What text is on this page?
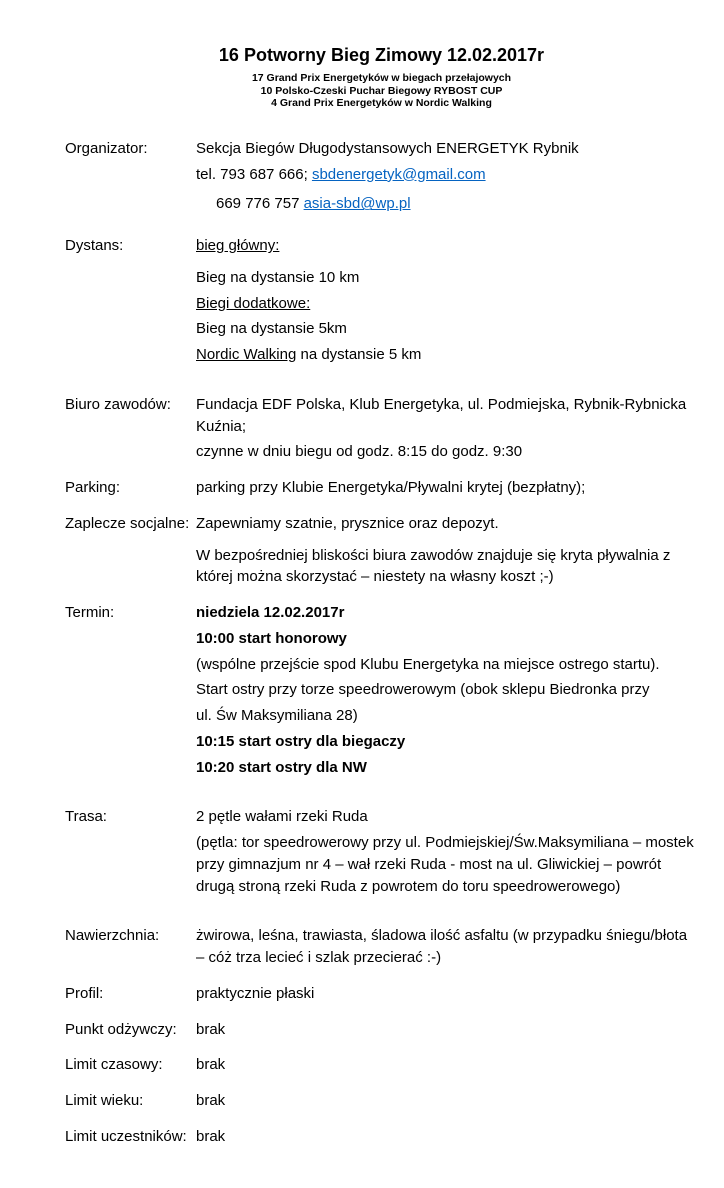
16 Potworny Bieg Zimowy 12.02.2017r
17 Grand Prix Energetyków w biegach przełajowych
10 Polsko-Czeski Puchar Biegowy RYBOST CUP
4 Grand Prix Energetyków w Nordic Walking
Organizator:	Sekcja Biegów Długodystansowych ENERGETYK Rybnik

tel. 793 687 666; sbdenergetyk@gmail.com

669 776 757 asia-sbd@wp.pl

Dystans:	bieg główny:

Bieg na dystansie 10 km

Biegi dodatkowe:

Bieg na dystansie 5km

Nordic Walking na dystansie 5 km

Biuro zawodów:	Fundacja EDF Polska, Klub Energetyka, ul. Podmiejska, Rybnik-Rybnicka Kuźnia;

czynne w dniu biegu od godz. 8:15 do godz. 9:30

Parking:	parking przy Klubie Energetyka/Pływalni krytej (bezpłatny);

Zaplecze socjalne: Zapewniamy szatnie, prysznice oraz depozyt.

W bezpośredniej bliskości biura zawodów znajduje się kryta pływalnia z której można skorzystać – niestety na własny koszt ;-)

Termin:	niedziela 12.02.2017r

10:00 start honorowy

(wspólne przejście spod Klubu Energetyka na miejsce ostrego startu).

Start ostry przy torze speedrowerowym (obok sklepu Biedronka przy

ul. Św Maksymiliana 28)

10:15 start ostry dla biegaczy

10:20 start ostry dla NW

Trasa:	2 pętle wałami rzeki Ruda

(pętla: tor speedrowerowy przy ul. Podmiejskiej/Św.Maksymiliana – mostek przy gimnazjum nr 4 – wał rzeki Ruda - most na ul. Gliwickiej – powrót drugą stroną rzeki Ruda z powrotem do toru speedrowerowego)

Nawierzchnia:	żwirowa, leśna, trawiasta, śladowa ilość asfaltu (w przypadku śniegu/błota – cóż trza lecieć i szlak przecierać :-)

Profil:	praktycznie płaski

Punkt odżywczy:	brak

Limit czasowy:	brak

Limit wieku:	brak

Limit uczestników: brak
